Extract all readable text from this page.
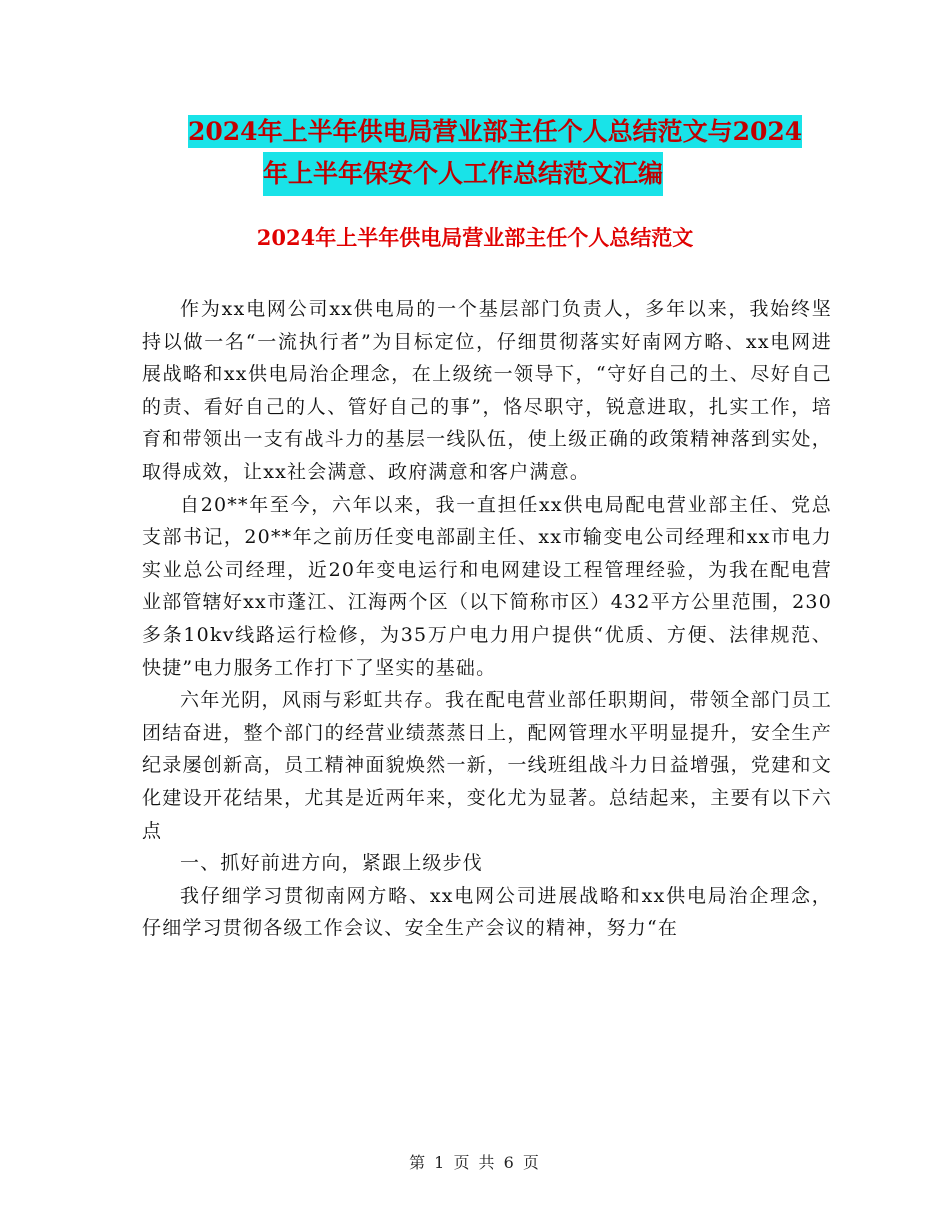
2024年上半年供电局营业部主任个人总结范文与2024
年上半年保安个人工作总结范文汇编
2024年上半年供电局营业部主任个人总结范文

作为xx电网公司xx供电局的一个基层部门负责人，多年以来，我始终坚持以做一名“一流执行者”为目标定位，仔细贯彻落实好南网方略、xx电网进展战略和xx供电局治企理念，在上级统一领导下，“守好自己的土、尽好自己的责、看好自己的人、管好自己的事”，恪尽职守，锐意进取，扎实工作，培育和带领出一支有战斗力的基层一线队伍，使上级正确的政策精神落到实处，取得成效，让xx社会满意、政府满意和客户满意。

自20**年至今，六年以来，我一直担任xx供电局配电营业部主任、党总支部书记，20**年之前历任变电部副主任、xx市输变电公司经理和xx市电力实业总公司经理，近20年变电运行和电网建设工程管理经验，为我在配电营业部管辖好xx市蓬江、江海两个区（以下简称市区）432平方公里范围，230多条10kv线路运行检修，为35万户电力用户提供“优质、方便、法律规范、快捷”电力服务工作打下了坚实的基础。

六年光阴，风雨与彩虹共存。我在配电营业部任职期间，带领全部门员工团结奋进，整个部门的经营业绩蒸蒸日上，配网管理水平明显提升，安全生产纪录屡创新高，员工精神面貌焕然一新，一线班组战斗力日益增强，党建和文化建设开花结果，尤其是近两年来，变化尤为显著。总结起来，主要有以下六点

一、抓好前进方向，紧跟上级步伐

我仔细学习贯彻南网方略、xx电网公司进展战略和xx供电局治企理念，仔细学习贯彻各级工作会议、安全生产会议的精神，努力“在

第 1 页 共 6 页
